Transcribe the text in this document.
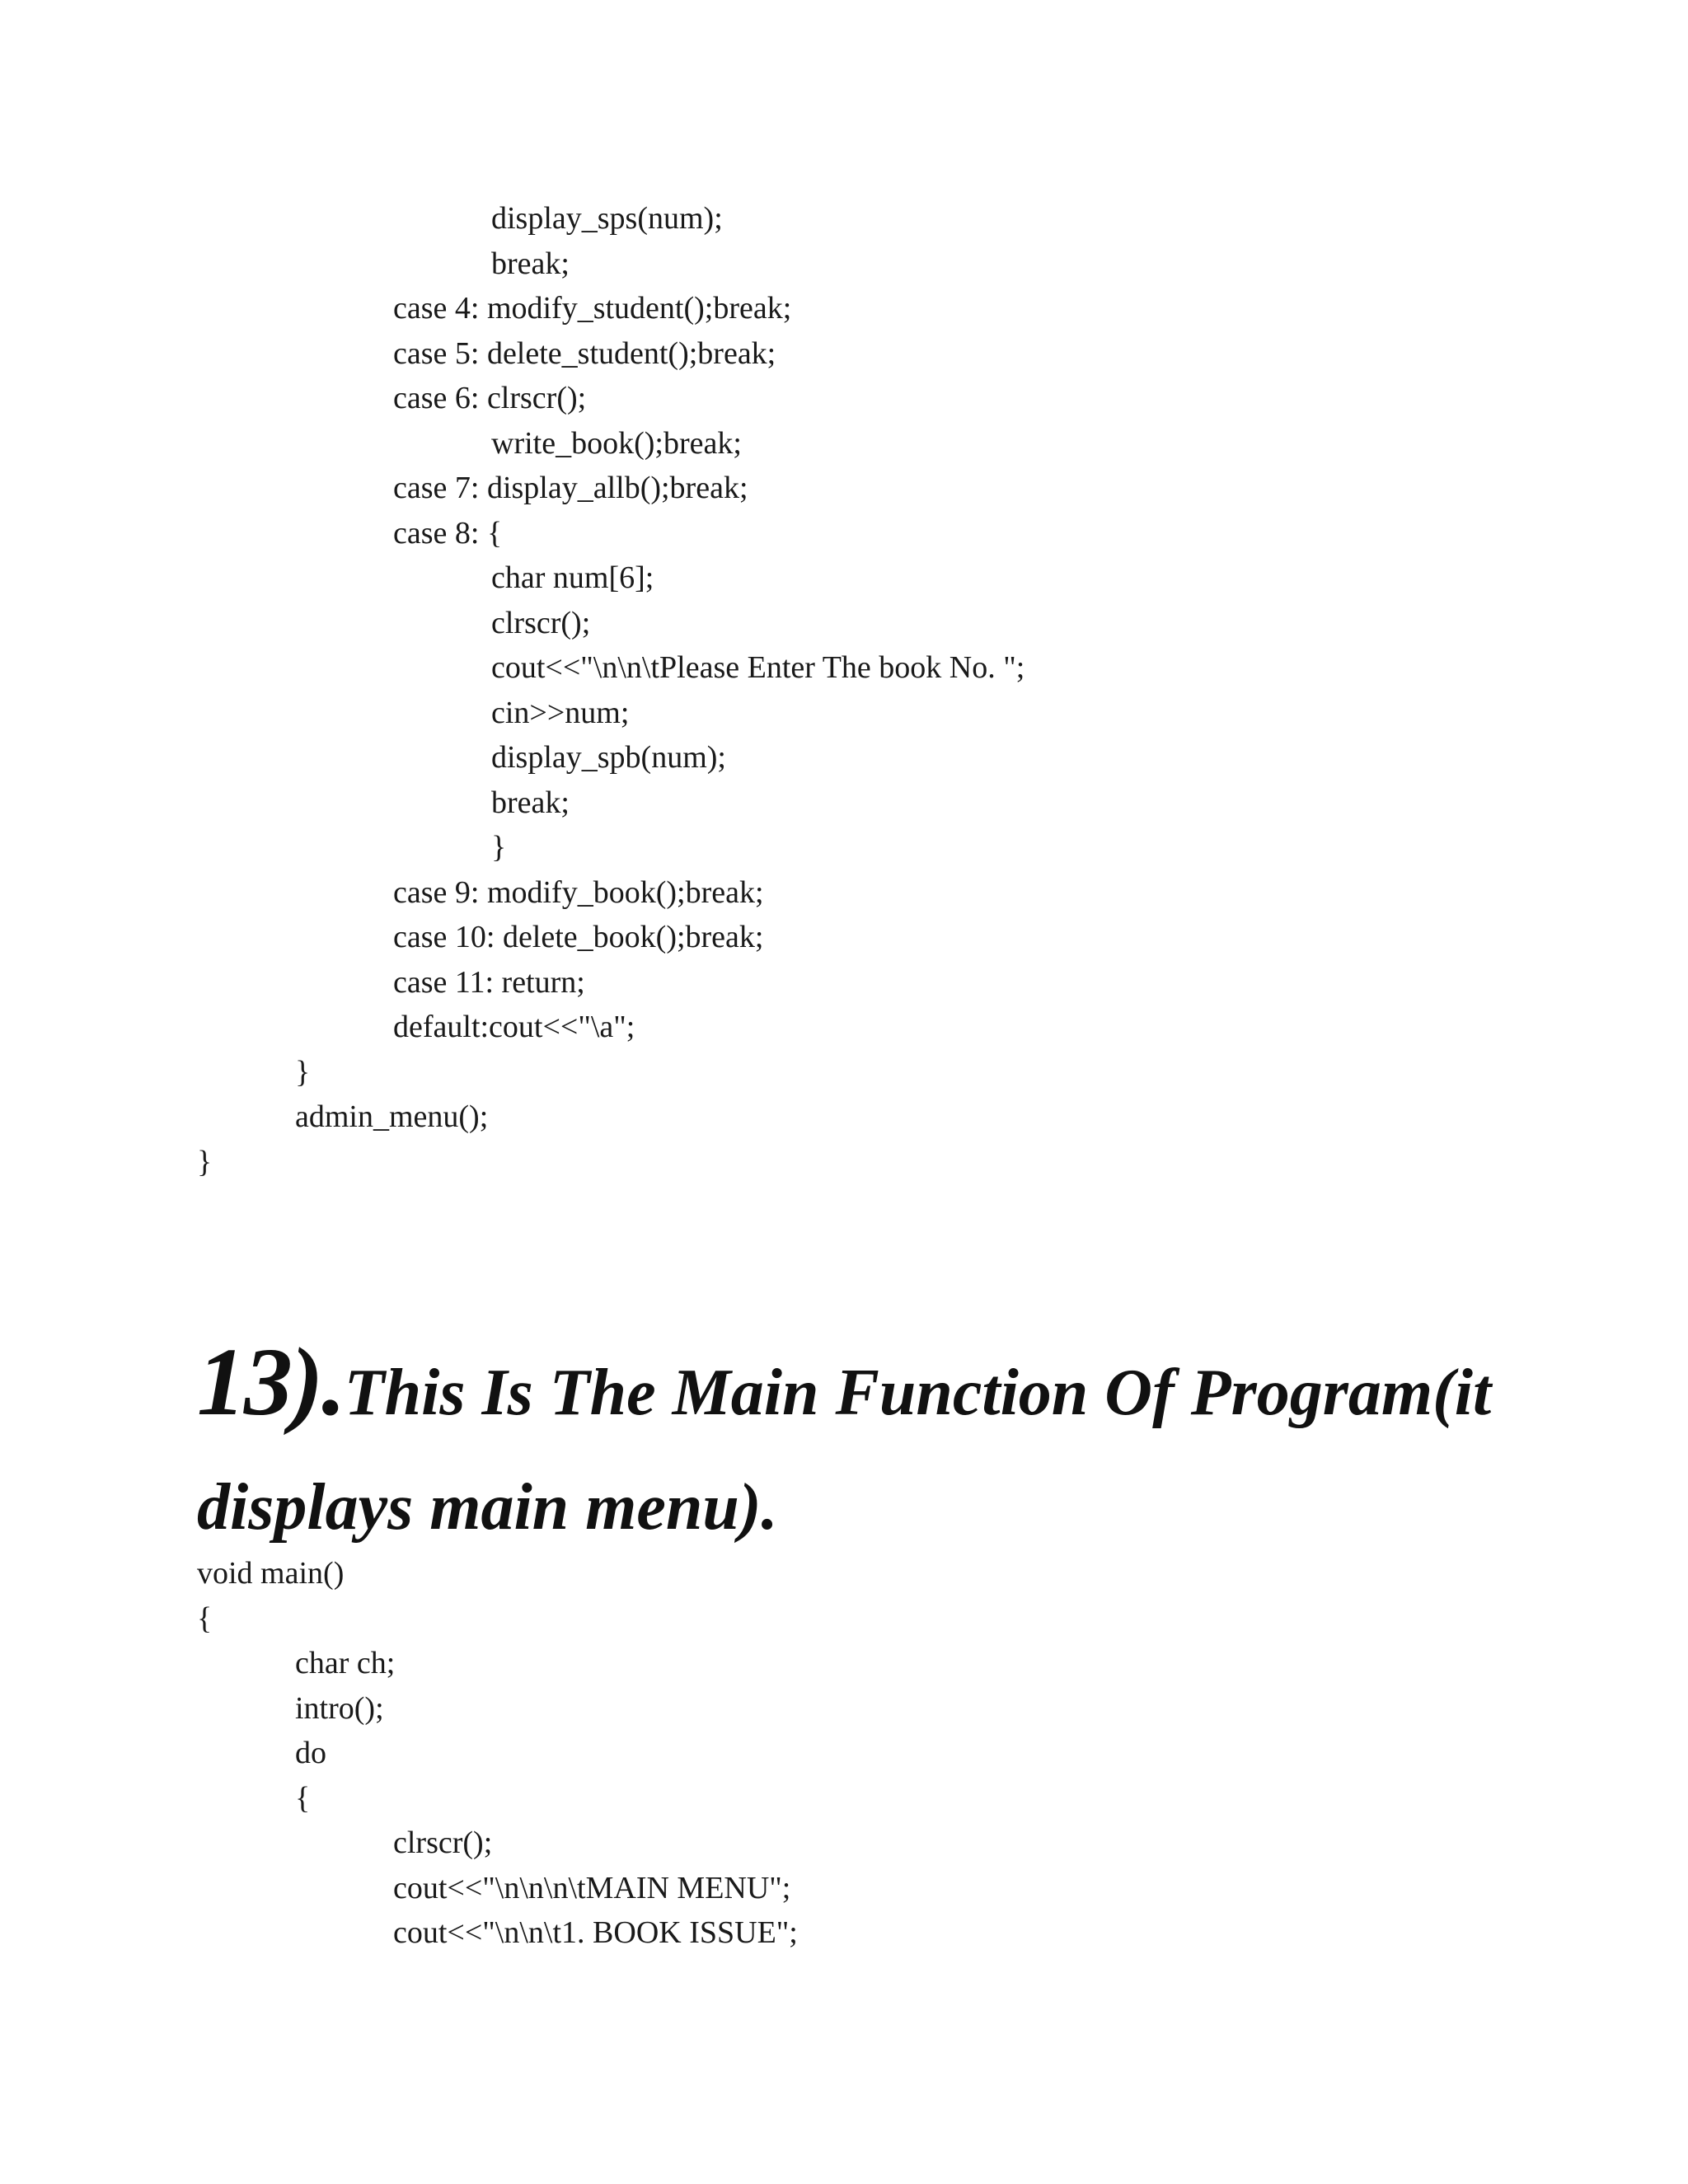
display_sps(num);
break;
case 4: modify_student();break;
case 5: delete_student();break;
case 6: clrscr();
write_book();break;
case 7: display_allb();break;
case 8: {
char num[6];
clrscr();
cout<<"\n\n\tPlease Enter The book No. ";
cin>>num;
display_spb(num);
break;
}
case 9: modify_book();break;
case 10: delete_book();break;
case 11: return;
default:cout<<"\a";
}
admin_menu();
}
13).This Is The Main Function Of Program(it displays main menu).
void main()
{
char ch;
intro();
do
{
clrscr();
cout<<"\n\n\n\tMAIN MENU";
cout<<"\n\n\t1. BOOK ISSUE";
